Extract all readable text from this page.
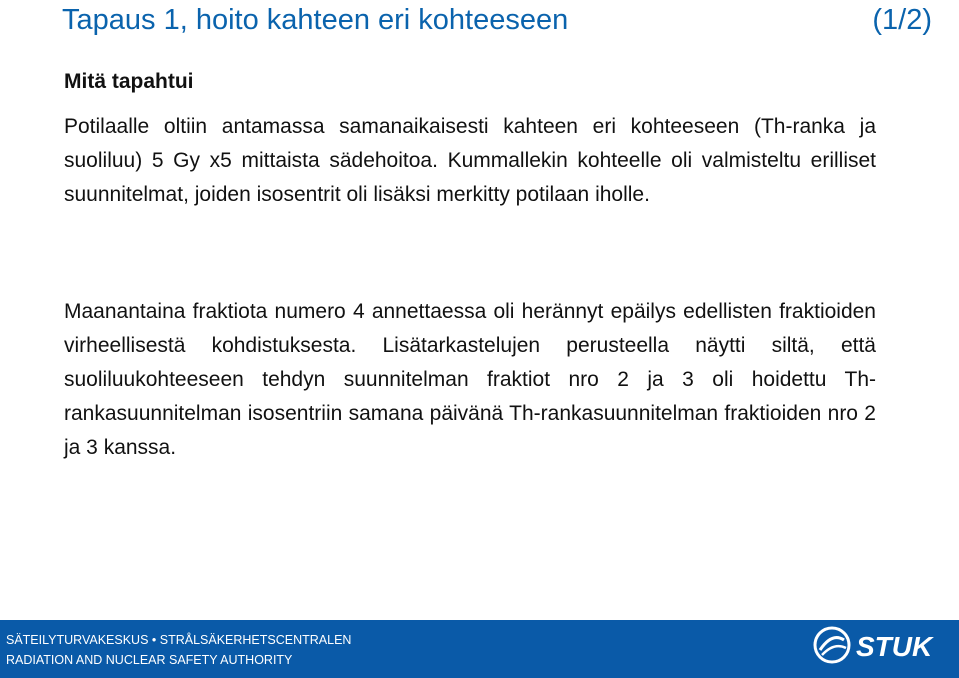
Tapaus 1, hoito kahteen eri kohteeseen	(1/2)
Mitä tapahtui
Potilaalle oltiin antamassa samanaikaisesti kahteen eri kohteeseen (Th-ranka ja suoliluu) 5 Gy x5 mittaista sädehoitoa. Kummallekin kohteelle oli valmisteltu erilliset suunnitelmat, joiden isosentrit oli lisäksi merkitty potilaan iholle.
Maanantaina fraktiota numero 4 annettaessa oli herännyt epäilys edellisten fraktioiden virheellisestä kohdistuksesta. Lisätarkastelujen perusteella näytti siltä, että suoliluukohteeseen tehdyn suunnitelman fraktiot nro 2 ja 3 oli hoidettu Th-rankasuunnitelman isosentriin samana päivänä Th-rankasuunnitelman fraktioiden nro 2 ja 3 kanssa.
SÄTEILYTURVAKESKUS • STRÅLSÄKERHETSCENTRALEN
RADIATION AND NUCLEAR SAFETY AUTHORITY	STUK
